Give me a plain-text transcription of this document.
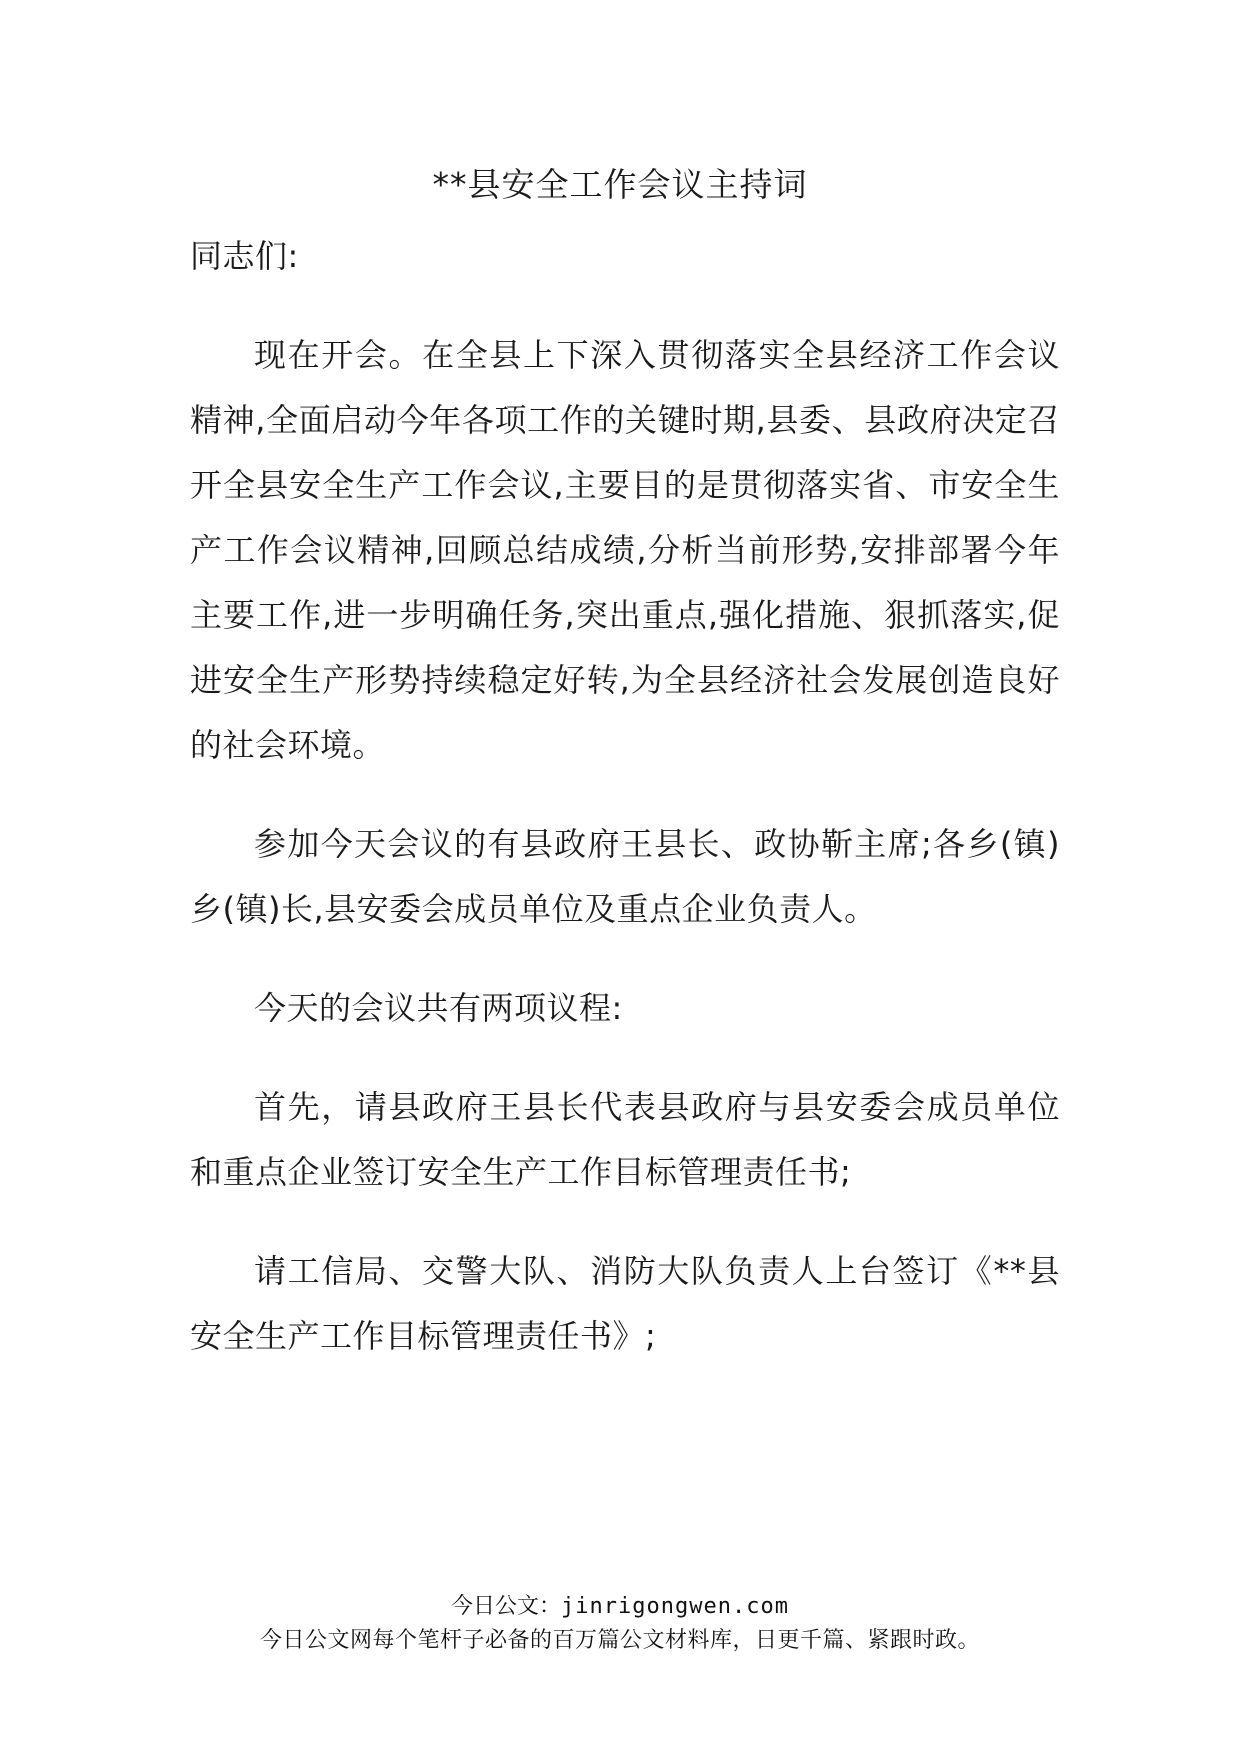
**县安全工作会议主持词

同志们:

现在开会。在全县上下深入贯彻落实全县经济工作会议精神,全面启动今年各项工作的关键时期,县委、县政府决定召开全县安全生产工作会议,主要目的是贯彻落实省、市安全生产工作会议精神,回顾总结成绩,分析当前形势,安排部署今年主要工作,进一步明确任务,突出重点,强化措施、狠抓落实,促进安全生产形势持续稳定好转,为全县经济社会发展创造良好的社会环境。

参加今天会议的有县政府王县长、政协靳主席;各乡(镇)乡(镇)长,县安委会成员单位及重点企业负责人。

今天的会议共有两项议程:

首先，请县政府王县长代表县政府与县安委会成员单位和重点企业签订安全生产工作目标管理责任书;

请工信局、交警大队、消防大队负责人上台签订《**县安全生产工作目标管理责任书》;

今日公文：jinrigongwen.com
今日公文网每个笔杆子必备的百万篇公文材料库，日更千篇、紧跟时政。
